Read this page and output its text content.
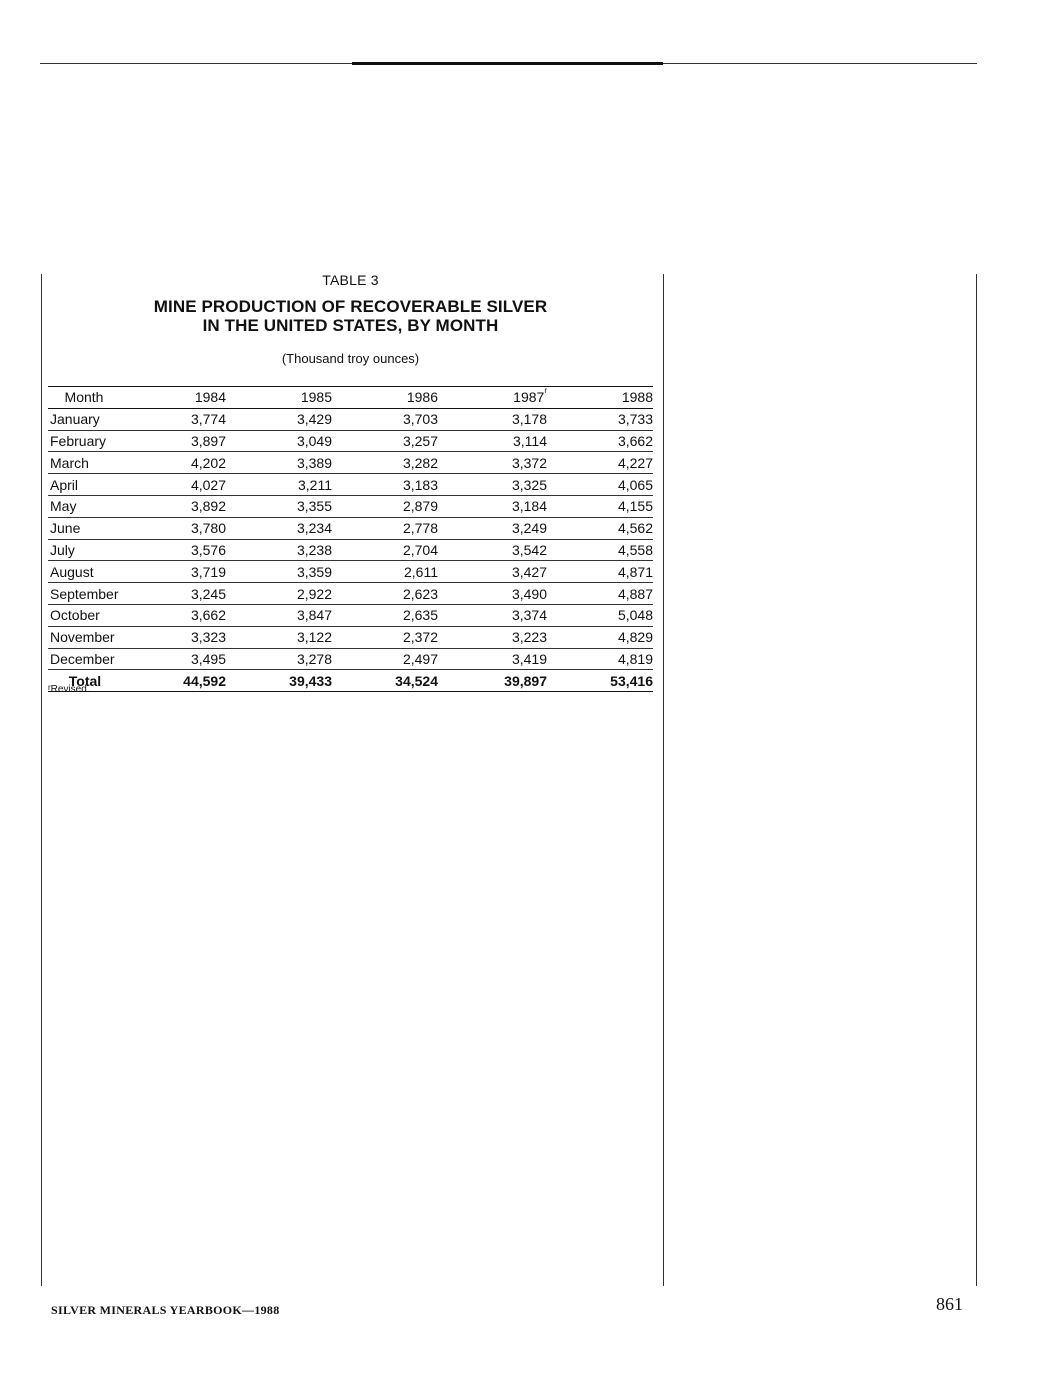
TABLE 3

MINE PRODUCTION OF RECOVERABLE SILVER
IN THE UNITED STATES, BY MONTH

(Thousand troy ounces)

Month	1984	1985	1986	1987$^r$	1988
January	3,774	3,429	3,703	3,178	3,733
February	3,897	3,049	3,257	3,114	3,662
March	4,202	3,389	3,282	3,372	4,227
April	4,027	3,211	3,183	3,325	4,065
May	3,892	3,355	2,879	3,184	4,155
June	3,780	3,234	2,778	3,249	4,562
July	3,576	3,238	2,704	3,542	4,558
August	3,719	3,359	2,611	3,427	4,871
September	3,245	2,922	2,623	3,490	4,887
October	3,662	3,847	2,635	3,374	5,048
November	3,323	3,122	2,372	3,223	4,829
December	3,495	3,278	2,497	3,419	4,819
Total	44,592	39,433	34,524	39,897	53,416
$^r$Revised.
SILVER MINERALS YEARBOOK—1988	861
